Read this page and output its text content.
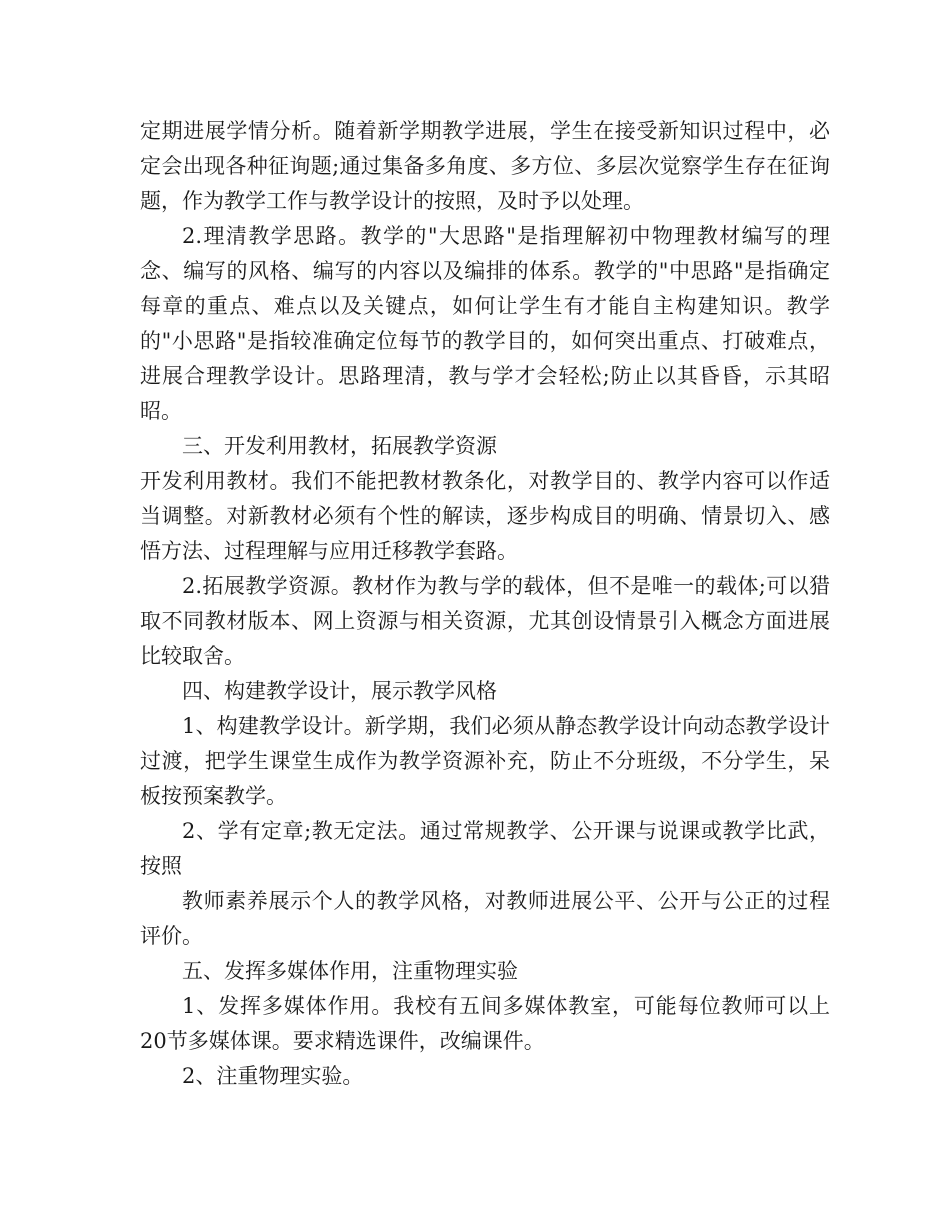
定期进展学情分析。随着新学期教学进展，学生在接受新知识过程中，必定会出现各种征询题;通过集备多角度、多方位、多层次觉察学生存在征询题，作为教学工作与教学设计的按照，及时予以处理。

2.理清教学思路。教学的"大思路"是指理解初中物理教材编写的理念、编写的风格、编写的内容以及编排的体系。教学的"中思路"是指确定每章的重点、难点以及关键点，如何让学生有才能自主构建知识。教学的"小思路"是指较准确定位每节的教学目的，如何突出重点、打破难点，进展合理教学设计。思路理清，教与学才会轻松;防止以其昏昏，示其昭昭。

三、开发利用教材，拓展教学资源

开发利用教材。我们不能把教材教条化，对教学目的、教学内容可以作适当调整。对新教材必须有个性的解读，逐步构成目的明确、情景切入、感悟方法、过程理解与应用迁移教学套路。

2.拓展教学资源。教材作为教与学的载体，但不是唯一的载体;可以猎取不同教材版本、网上资源与相关资源，尤其创设情景引入概念方面进展比较取舍。

四、构建教学设计，展示教学风格

1、构建教学设计。新学期，我们必须从静态教学设计向动态教学设计过渡，把学生课堂生成作为教学资源补充，防止不分班级，不分学生，呆板按预案教学。

2、学有定章;教无定法。通过常规教学、公开课与说课或教学比武，按照

教师素养展示个人的教学风格，对教师进展公平、公开与公正的过程评价。

五、发挥多媒体作用，注重物理实验

1、发挥多媒体作用。我校有五间多媒体教室，可能每位教师可以上20节多媒体课。要求精选课件，改编课件。

2、注重物理实验。
